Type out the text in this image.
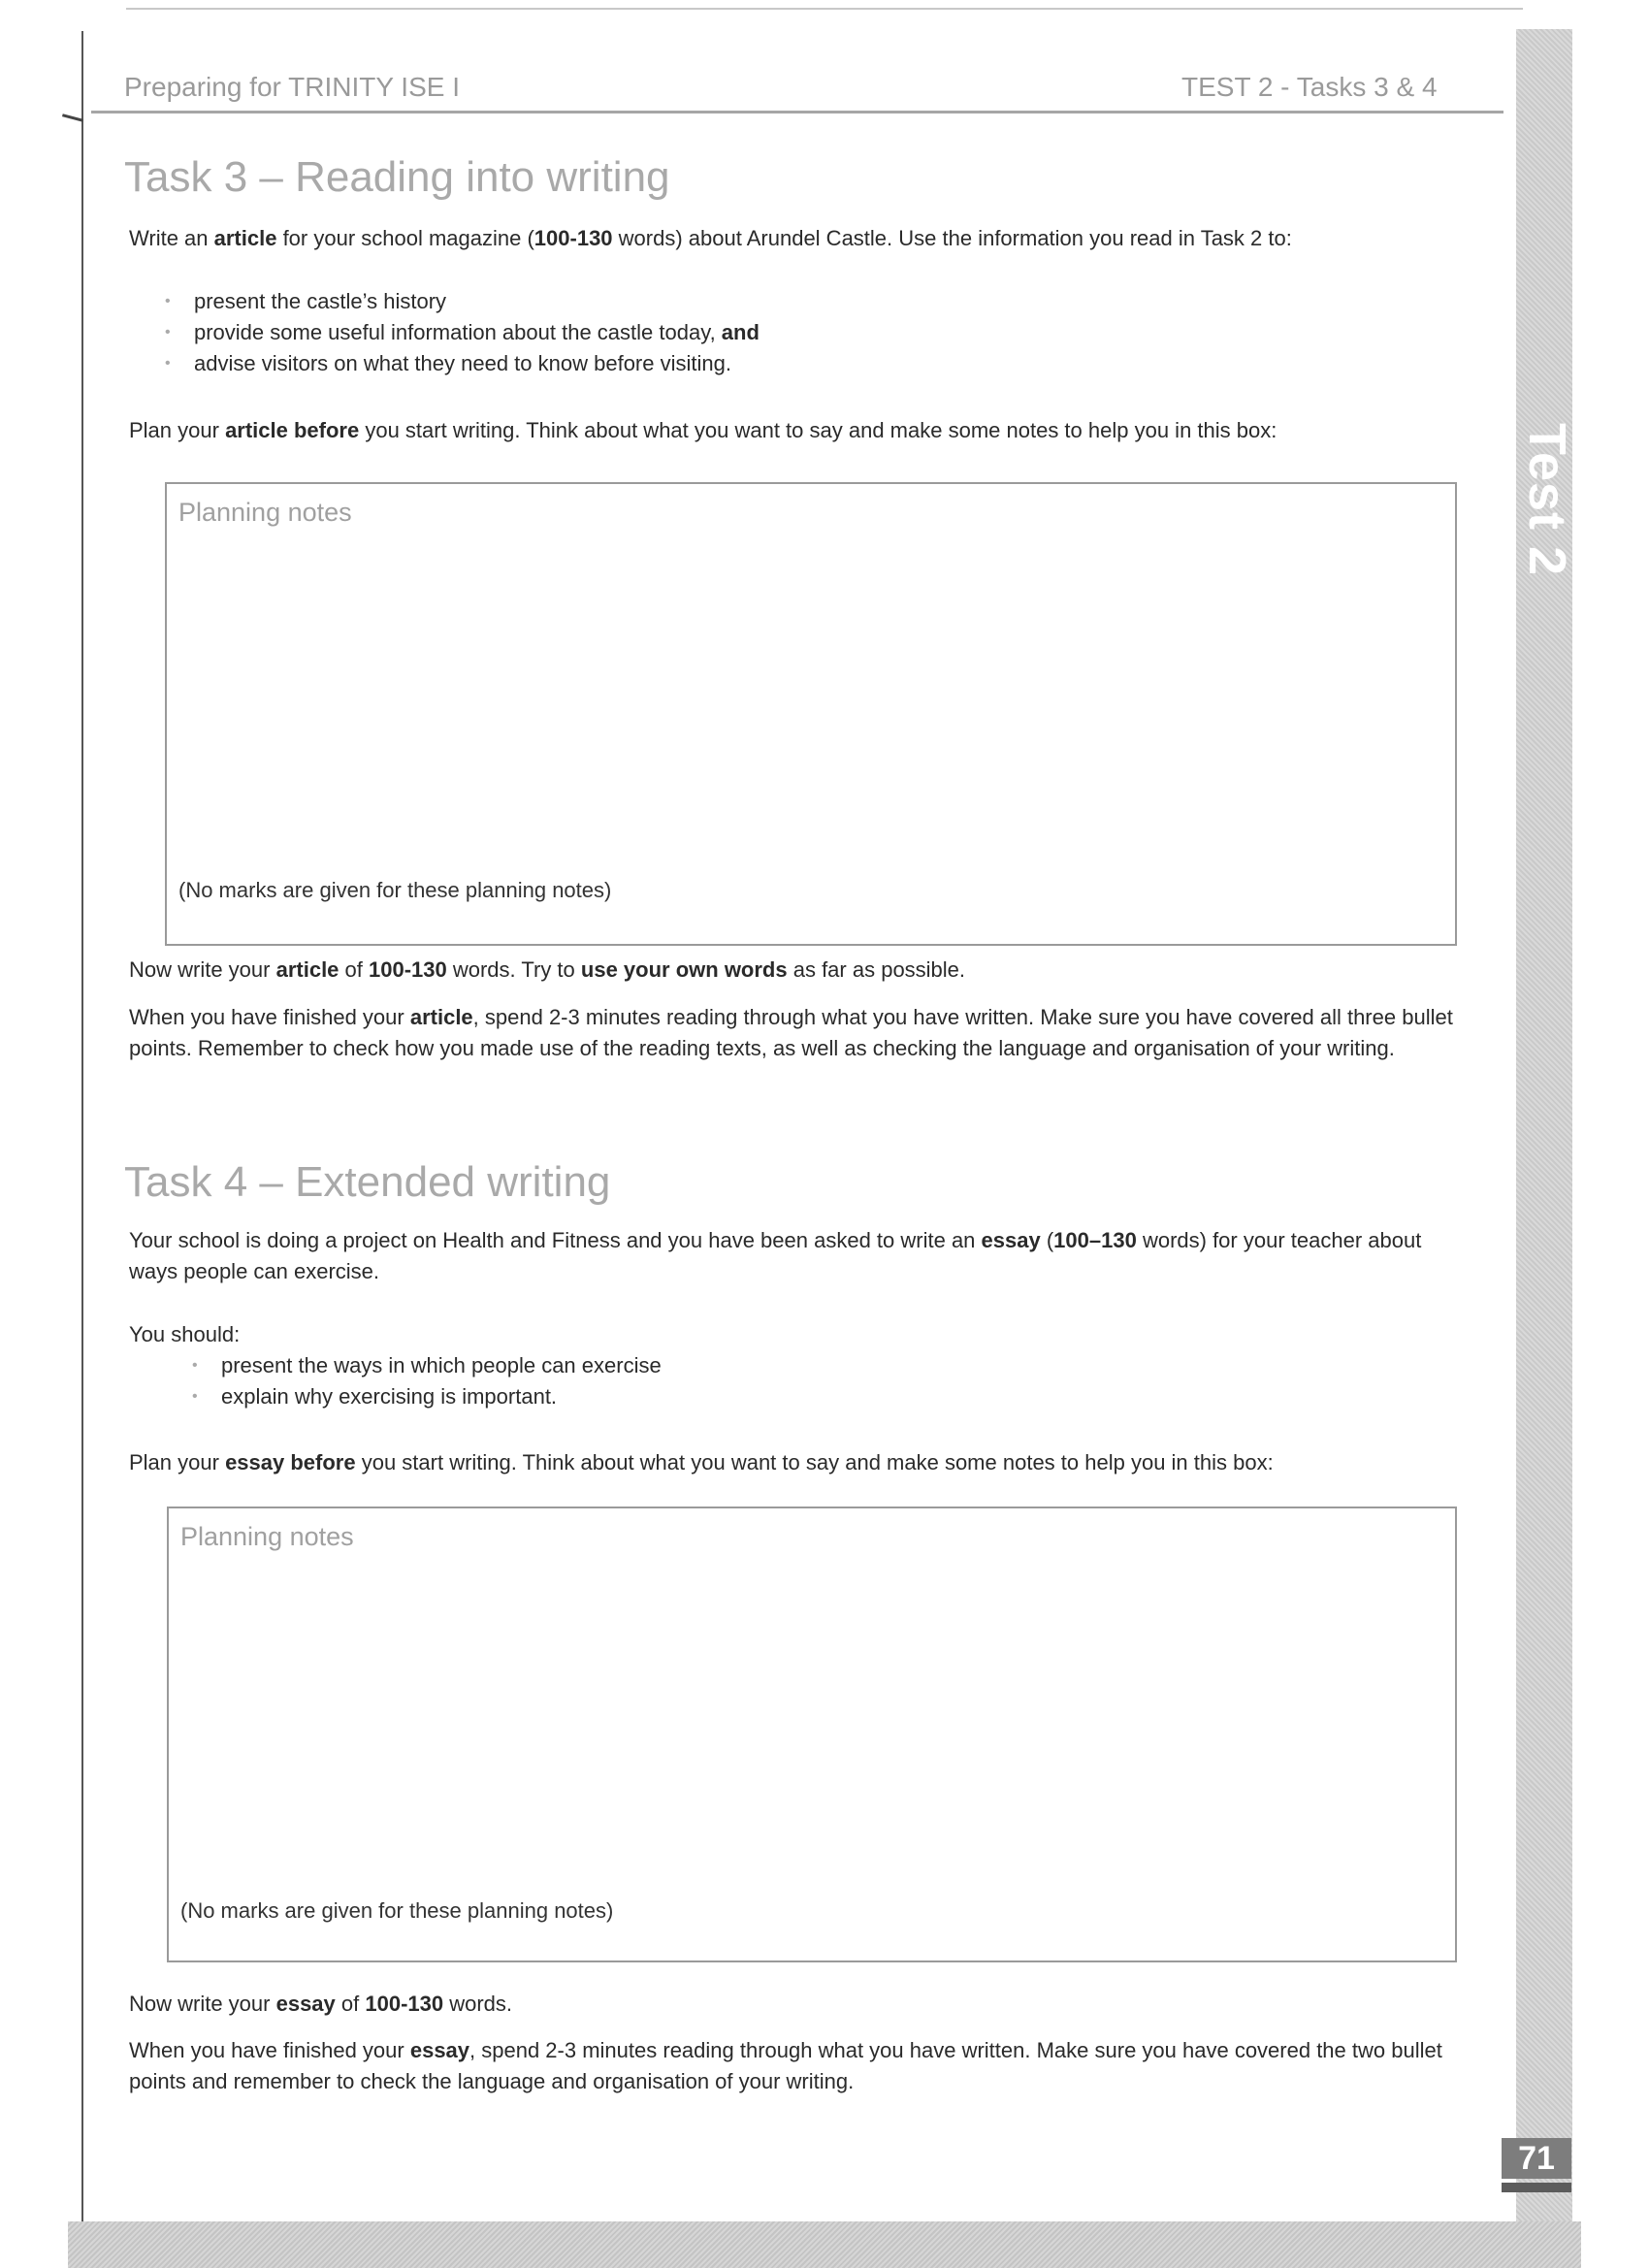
Test 2
71
Preparing for TRINITY ISE I	TEST 2 - Tasks 3 & 4
Task 3 – Reading into writing
Write an article for your school magazine (100-130 words) about Arundel Castle. Use the information you read in Task 2 to:
• present the castle’s history
• provide some useful information about the castle today, and
• advise visitors on what they need to know before visiting.
Plan your article before you start writing. Think about what you want to say and make some notes to help you in this box:
Planning notes
(No marks are given for these planning notes)
Now write your article of 100-130 words. Try to use your own words as far as possible.
When you have finished your article, spend 2-3 minutes reading through what you have written. Make sure you have covered all three bullet points. Remember to check how you made use of the reading texts, as well as checking the language and organisation of your writing.
Task 4 – Extended writing
Your school is doing a project on Health and Fitness and you have been asked to write an essay (100–130 words) for your teacher about ways people can exercise.
You should:
• present the ways in which people can exercise
• explain why exercising is important.
Plan your essay before you start writing. Think about what you want to say and make some notes to help you in this box:
Planning notes
(No marks are given for these planning notes)
Now write your essay of 100-130 words.
When you have finished your essay, spend 2-3 minutes reading through what you have written. Make sure you have covered the two bullet points and remember to check the language and organisation of your writing.
